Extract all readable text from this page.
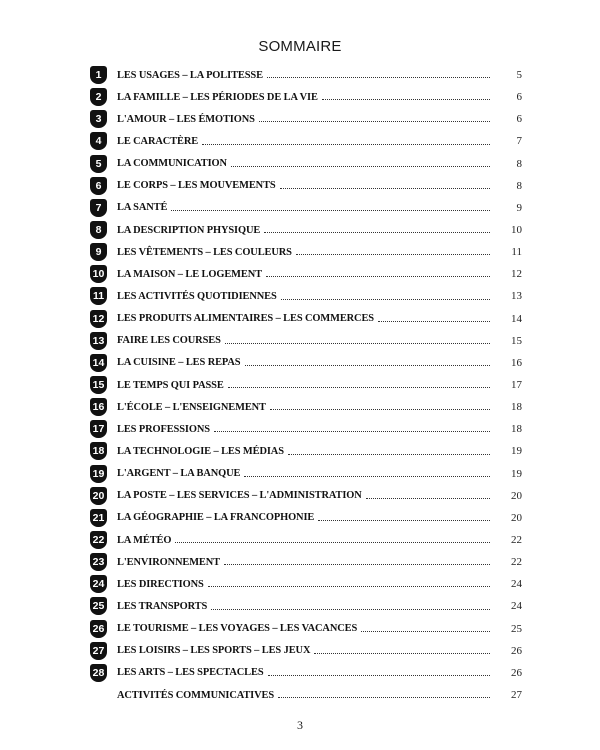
SOMMAIRE
1	LES USAGES – LA POLITESSE	5
2	LA FAMILLE – LES PÉRIODES DE LA VIE	6
3	L'AMOUR – LES ÉMOTIONS	6
4	LE CARACTÈRE	7
5	LA COMMUNICATION	8
6	LE CORPS – LES MOUVEMENTS	8
7	LA SANTÉ	9
8	LA DESCRIPTION PHYSIQUE	10
9	LES VÊTEMENTS – LES COULEURS	11
10 LA MAISON – LE LOGEMENT	12
11 LES ACTIVITÉS QUOTIDIENNES	13
12 LES PRODUITS ALIMENTAIRES – LES COMMERCES	14
13 FAIRE LES COURSES	15
14 LA CUISINE – LES REPAS	16
15 LE TEMPS QUI PASSE	17
16 L'ÉCOLE – L'ENSEIGNEMENT	18
17 LES PROFESSIONS	18
18 LA TECHNOLOGIE – LES MÉDIAS	19
19 L'ARGENT – LA BANQUE	19
20 LA POSTE – LES SERVICES – L'ADMINISTRATION	20
21 LA GÉOGRAPHIE – LA FRANCOPHONIE	20
22 LA MÉTÉO	22
23 L'ENVIRONNEMENT	22
24 LES DIRECTIONS	24
25 LES TRANSPORTS	24
26 LE TOURISME – LES VOYAGES – LES VACANCES	25
27 LES LOISIRS – LES SPORTS – LES JEUX	26
28 LES ARTS – LES SPECTACLES	26
ACTIVITÉS COMMUNICATIVES	27
3
